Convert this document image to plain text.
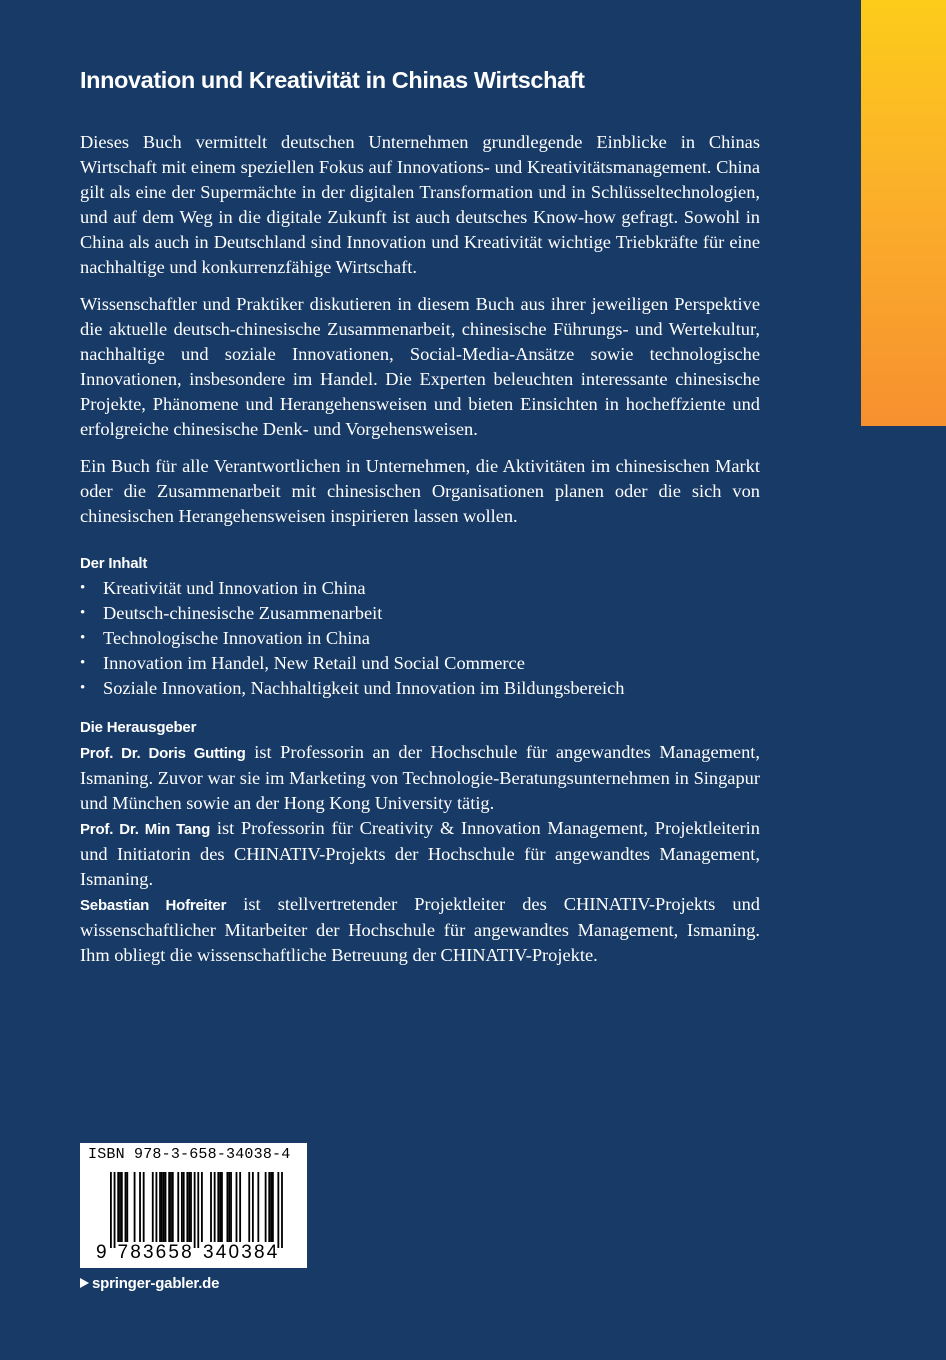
Innovation und Kreativität in Chinas Wirtschaft

Dieses Buch vermittelt deutschen Unternehmen grundlegende Einblicke in Chinas Wirtschaft mit einem speziellen Fokus auf Innovations- und Kreativitätsmanagement. China gilt als eine der Supermächte in der digitalen Transformation und in Schlüsseltechnologien, und auf dem Weg in die digitale Zukunft ist auch deutsches Know-how gefragt. Sowohl in China als auch in Deutschland sind Innovation und Kreativität wichtige Triebkräfte für eine nachhaltige und konkurrenzfähige Wirtschaft.

Wissenschaftler und Praktiker diskutieren in diesem Buch aus ihrer jeweiligen Perspektive die aktuelle deutsch-chinesische Zusammenarbeit, chinesische Führungs- und Wertekultur, nachhaltige und soziale Innovationen, Social-Media-Ansätze sowie technologische Innovationen, insbesondere im Handel. Die Experten beleuchten interessante chinesische Projekte, Phänomene und Herangehensweisen und bieten Einsichten in hocheffziente und erfolgreiche chinesische Denk- und Vorgehensweisen.

Ein Buch für alle Verantwortlichen in Unternehmen, die Aktivitäten im chinesischen Markt oder die Zusammenarbeit mit chinesischen Organisationen planen oder die sich von chinesischen Herangehensweisen inspirieren lassen wollen.

Der Inhalt
• Kreativität und Innovation in China
• Deutsch-chinesische Zusammenarbeit
• Technologische Innovation in China
• Innovation im Handel, New Retail und Social Commerce
• Soziale Innovation, Nachhaltigkeit und Innovation im Bildungsbereich
Die Herausgeber

Prof. Dr. Doris Gutting ist Professorin an der Hochschule für angewandtes Management, Ismaning. Zuvor war sie im Marketing von Technologie-Beratungsunternehmen in Singapur und München sowie an der Hong Kong University tätig.

Prof. Dr. Min Tang ist Professorin für Creativity & Innovation Management, Projektleiterin und Initiatorin des CHINATIV-Projekts der Hochschule für angewandtes Management, Ismaning.

Sebastian Hofreiter ist stellvertretender Projektleiter des CHINATIV-Projekts und wissenschaftlicher Mitarbeiter der Hochschule für angewandtes Management, Ismaning. Ihm obliegt die wissenschaftliche Betreuung der CHINATIV-Projekte.

ISBN 978-3-658-34038-4
9 7 8 3 6 5 8 3 4 0 3 8 4
springer-gabler.de
